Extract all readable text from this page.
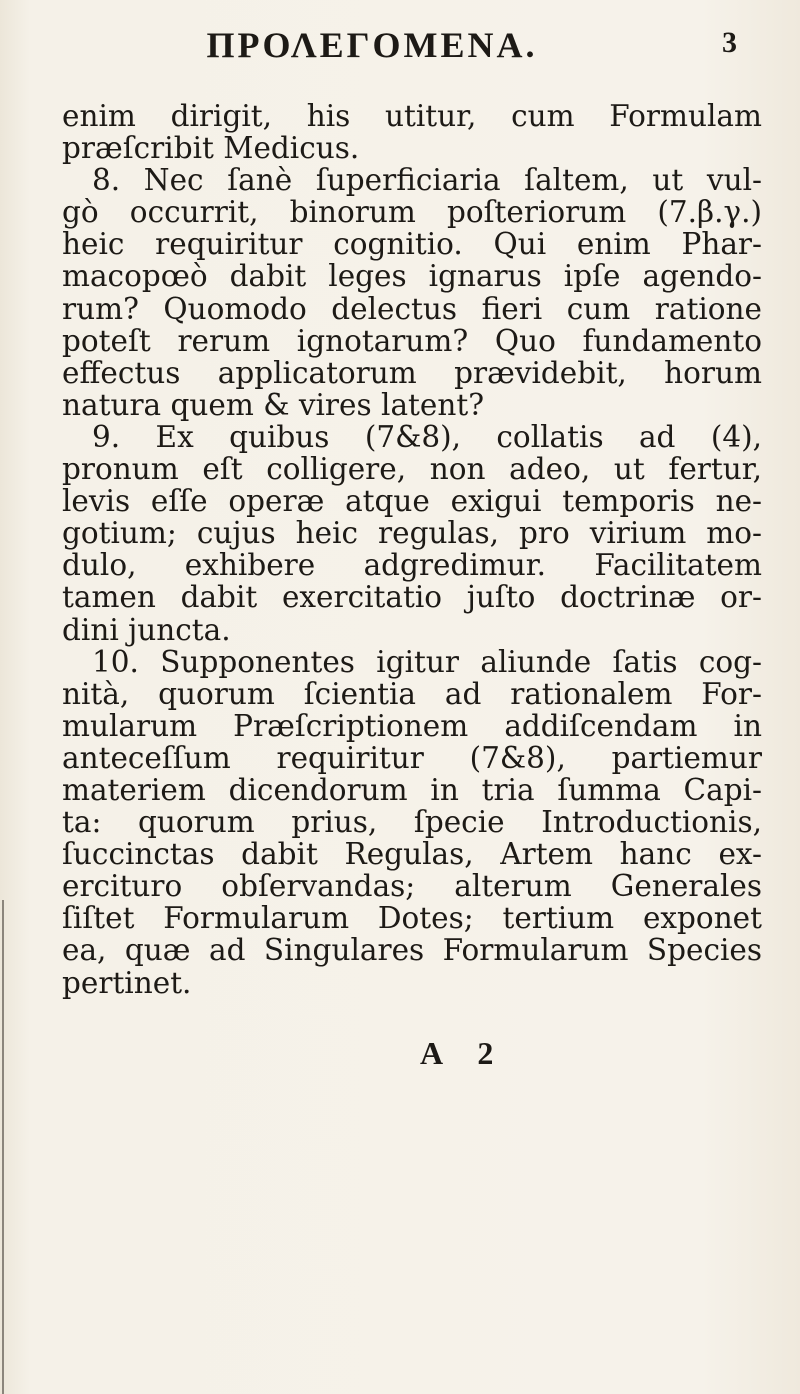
ΠΡΟΛΕΓΟΜΕΝΑ.	3
enim dirigit, his utitur, cum Formulam
præſcribit Medicus.
8. Nec ſanè ſuperficiaria ſaltem, ut vul-
gò occurrit, binorum poſteriorum (7.β.γ.)
heic requiritur cognitio. Qui enim Phar-
macopœò dabit leges ignarus ipſe agendo-
rum? Quomodo delectus fieri cum ratione
poteſt rerum ignotarum? Quo fundamento
effectus applicatorum prævidebit, horum
natura quem & vires latent?
9. Ex quibus (7&8), collatis ad (4),
pronum eſt colligere, non adeo, ut fertur,
levis eſſe operæ atque exigui temporis ne-
gotium; cujus heic regulas, pro virium mo-
dulo, exhibere adgredimur. Facilitatem
tamen dabit exercitatio juſto doctrinæ or-
dini juncta.
10. Supponentes igitur aliunde ſatis cog-
nità, quorum ſcientia ad rationalem For-
mularum Præſcriptionem addiſcendam in
anteceſſum requiritur (7&8), partiemur
materiem dicendorum in tria ſumma Capi-
ta: quorum prius, ſpecie Introductionis,
ſuccinctas dabit Regulas, Artem hanc ex-
ercituro obſervandas; alterum Generales
ſiſtet Formularum Dotes; tertium exponet
ea, quæ ad Singulares Formularum Species
pertinet.
A 2
